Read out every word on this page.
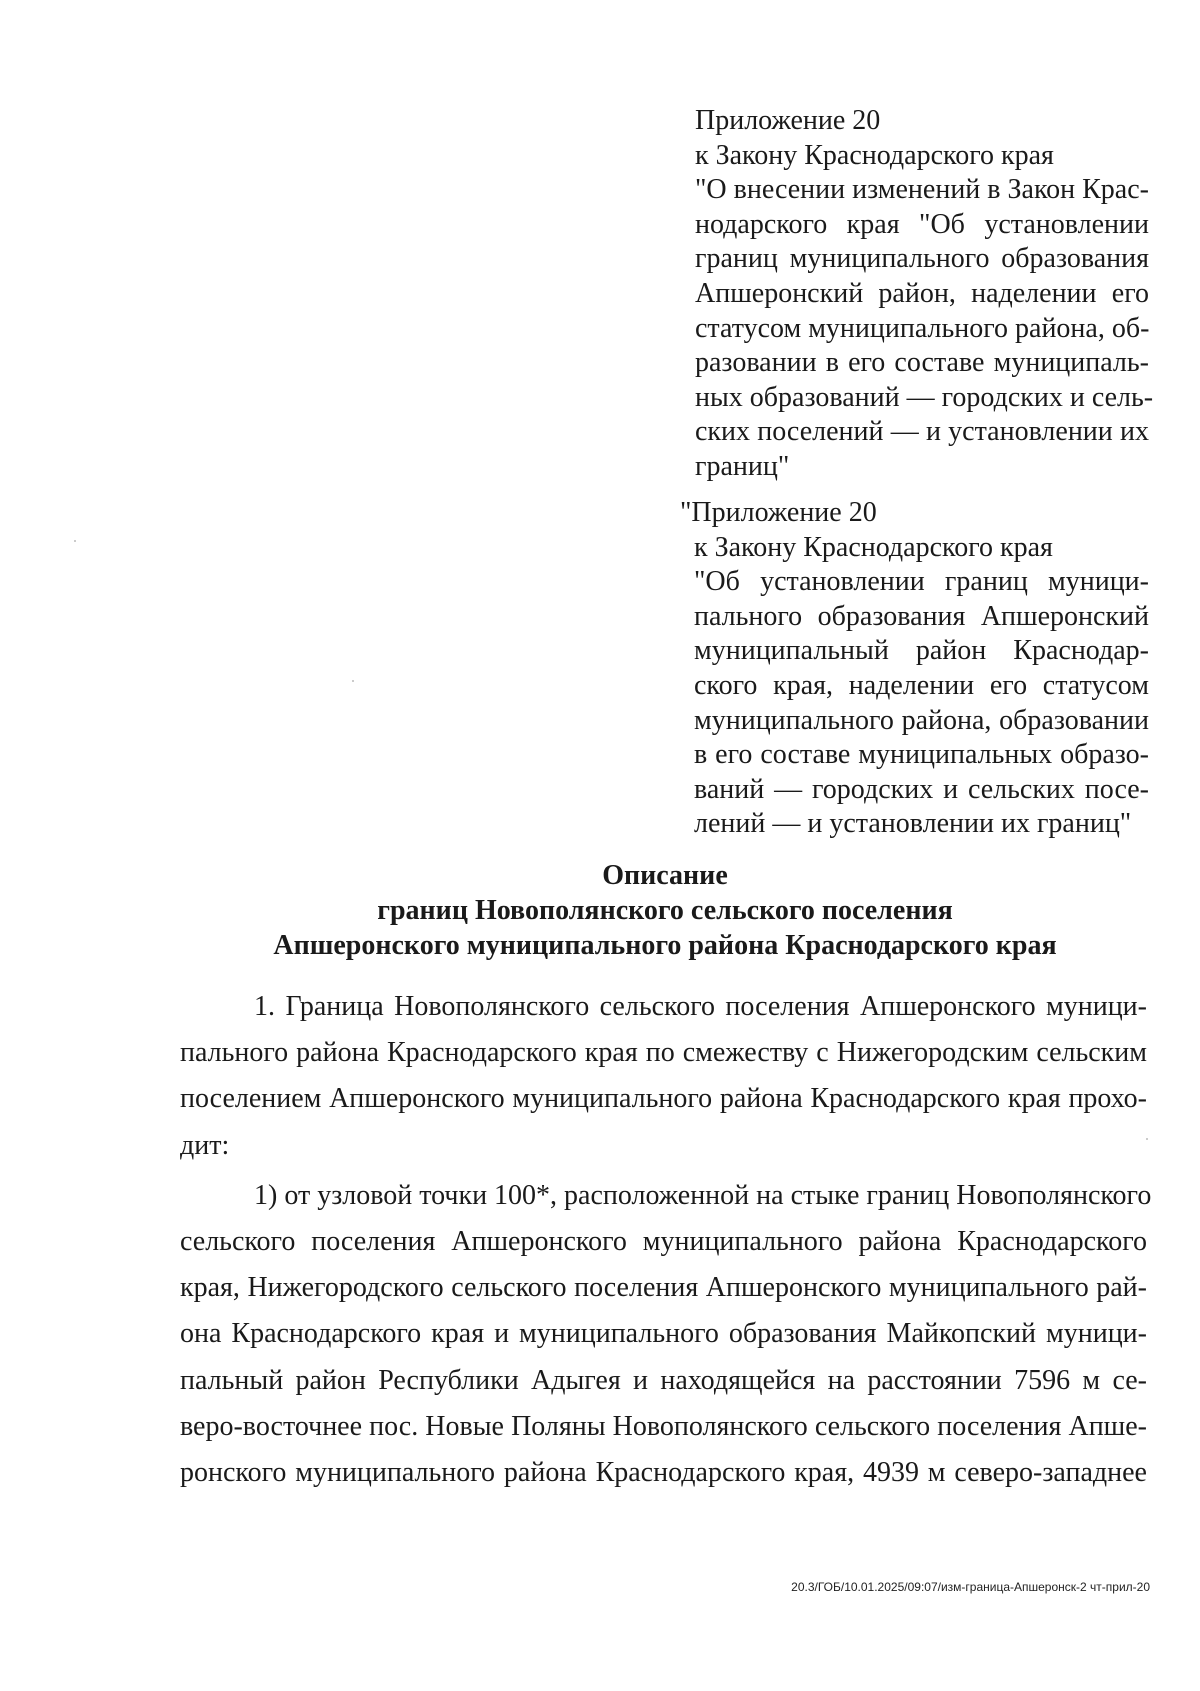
Приложение 20
к Закону Краснодарского края
"О внесении изменений в Закон Крас-
нодарского края "Об установлении
границ муниципального образования
Апшеронский район, наделении его
статусом муниципального района, об-
разовании в его составе муниципаль-
ных образований — городских и сель-
ских поселений — и установлении их
границ"
"Приложение 20
к Закону Краснодарского края
"Об установлении границ муници-
пального образования Апшеронский
муниципальный район Краснодар-
ского края, наделении его статусом
муниципального района, образовании
в его составе муниципальных образо-
ваний — городских и сельских посе-
лений — и установлении их границ"
Описание
границ Новополянского сельского поселения
Апшеронского муниципального района Краснодарского края
1. Граница Новополянского сельского поселения Апшеронского муници-
пального района Краснодарского края по смежеству с Нижегородским сельским
поселением Апшеронского муниципального района Краснодарского края прохо-
дит:
1) от узловой точки 100*, расположенной на стыке границ Новополянского
сельского поселения Апшеронского муниципального района Краснодарского
края, Нижегородского сельского поселения Апшеронского муниципального рай-
она Краснодарского края и муниципального образования Майкопский муници-
пальный район Республики Адыгея и находящейся на расстоянии 7596 м се-
веро-восточнее пос. Новые Поляны Новополянского сельского поселения Апше-
ронского муниципального района Краснодарского края, 4939 м северо-западнее
20.3/ГОБ/10.01.2025/09:07/изм-граница-Апшеронск-2 чт-прил-20
